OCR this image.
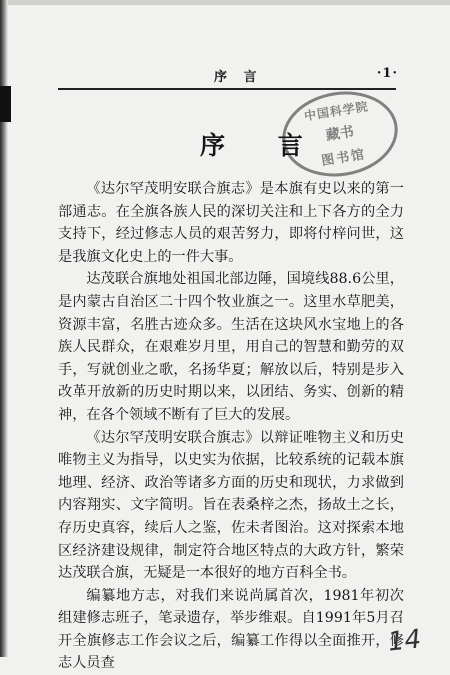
序 言	·1·
中国科学院
藏书
图书馆
序 言

《达尔罕茂明安联合旗志》是本旗有史以来的第一部通志。在全旗各族人民的深切关注和上下各方的全力支持下，经过修志人员的艰苦努力，即将付梓问世，这是我旗文化史上的一件大事。

达茂联合旗地处祖国北部边陲，国境线88.6公里，是内蒙古自治区二十四个牧业旗之一。这里水草肥美，资源丰富，名胜古迹众多。生活在这块风水宝地上的各族人民群众，在艰难岁月里，用自己的智慧和勤劳的双手，写就创业之歌，名扬华夏；解放以后，特别是步入改革开放新的历史时期以来，以团结、务实、创新的精神，在各个领域不断有了巨大的发展。

《达尔罕茂明安联合旗志》以辩证唯物主义和历史唯物主义为指导，以史实为依据，比较系统的记载本旗地理、经济、政治等诸多方面的历史和现状，力求做到内容翔实、文字简明。旨在表桑梓之杰，扬故土之长，存历史真容，续后人之鉴，佐未者图治。这对探索本地区经济建设规律，制定符合地区特点的大政方针，繁荣达茂联合旗，无疑是一本很好的地方百科全书。

编纂地方志，对我们来说尚属首次，1981年初次组建修志班子，笔录遗存，举步维艰。自1991年5月召开全旗修志工作会议之后，编纂工作得以全面推开，修志人员查

14
